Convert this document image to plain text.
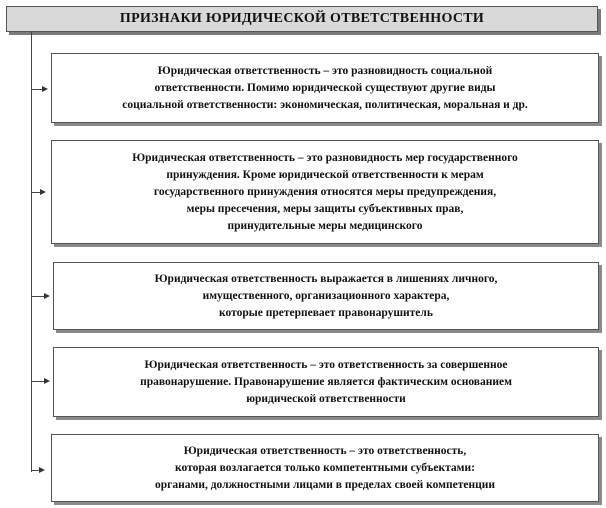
ПРИЗНАКИ ЮРИДИЧЕСКОЙ ОТВЕТСТВЕННОСТИ
Юридическая ответственность – это разновидность социальной
ответственности. Помимо юридической существуют другие виды
социальной ответственности: экономическая, политическая, моральная и др.
Юридическая ответственность – это разновидность мер государственного
принуждения. Кроме юридической ответственности к мерам
государственного принуждения относятся меры предупреждения,
меры пресечения, меры защиты субъективных прав,
принудительные меры медицинского
Юридическая ответственность выражается в лишениях личного,
имущественного, организационного характера,
которые претерпевает правонарушитель
Юридическая ответственность – это ответственность за совершенное
правонарушение. Правонарушение является фактическим основанием
юридической ответственности
Юридическая ответственность – это ответственность,
которая возлагается только компетентными субъектами:
органами, должностными лицами в пределах своей компетенции
